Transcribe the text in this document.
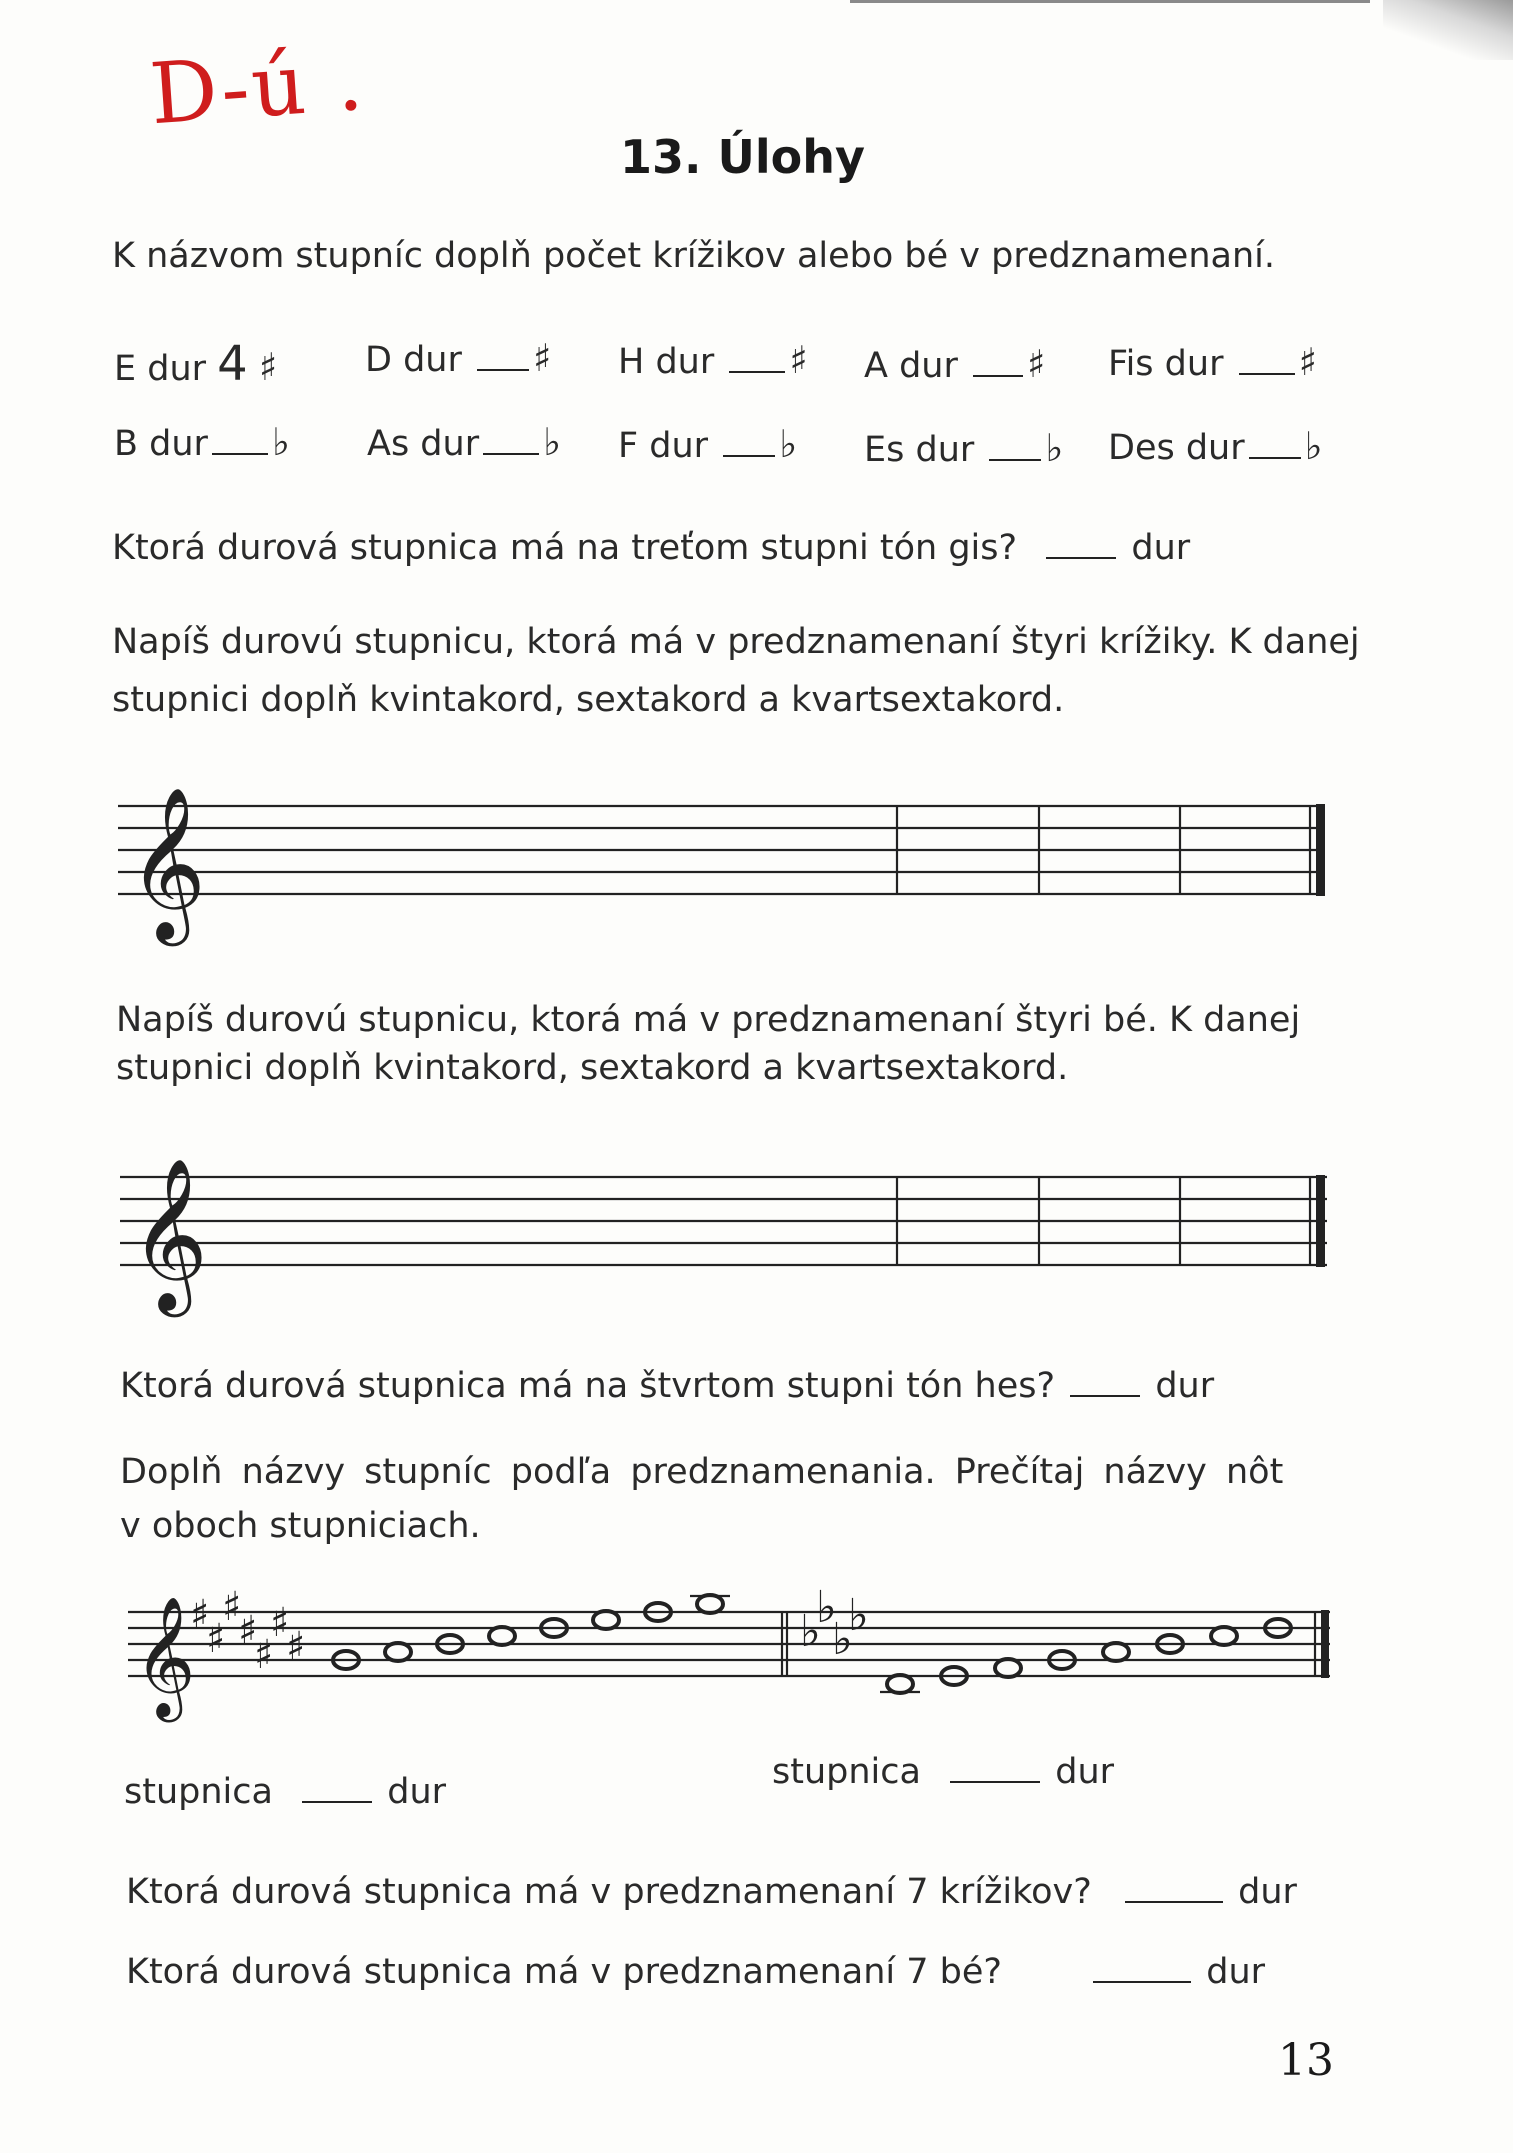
D-ú .
13. Úlohy
K názvom stupníc doplň počet krížikov alebo bé v predznamenaní.
E dur 4 ♯	D dur ♯ H dur ♯ A dur ♯ Fis dur ♯
B dur ♭ As dur ♭ F dur ♭ Es dur ♭ Des dur ♭
Ktorá durová stupnica má na treťom stupni tón gis?	dur
Napíš durovú stupnicu, ktorá má v predznamenaní štyri krížiky. K danej
stupnici doplň kvintakord, sextakord a kvartsextakord.
𝄞
Napíš durovú stupnicu, ktorá má v predznamenaní štyri bé. K danej
stupnici doplň kvintakord, sextakord a kvartsextakord.
𝄞
Ktorá durová stupnica má na štvrtom stupni tón hes?	dur
Doplň názvy stupníc podľa predznamenania. Prečítaj názvy nôt
v oboch stupniciach.
𝄞
♯
♯
♯
♯
♯
♯
♯	♭
♭
♭
♭
stupnica	dur	stupnica	dur
Ktorá durová stupnica má v predznamenaní 7 krížikov?	dur
Ktorá durová stupnica má v predznamenaní 7 bé?	dur
13
